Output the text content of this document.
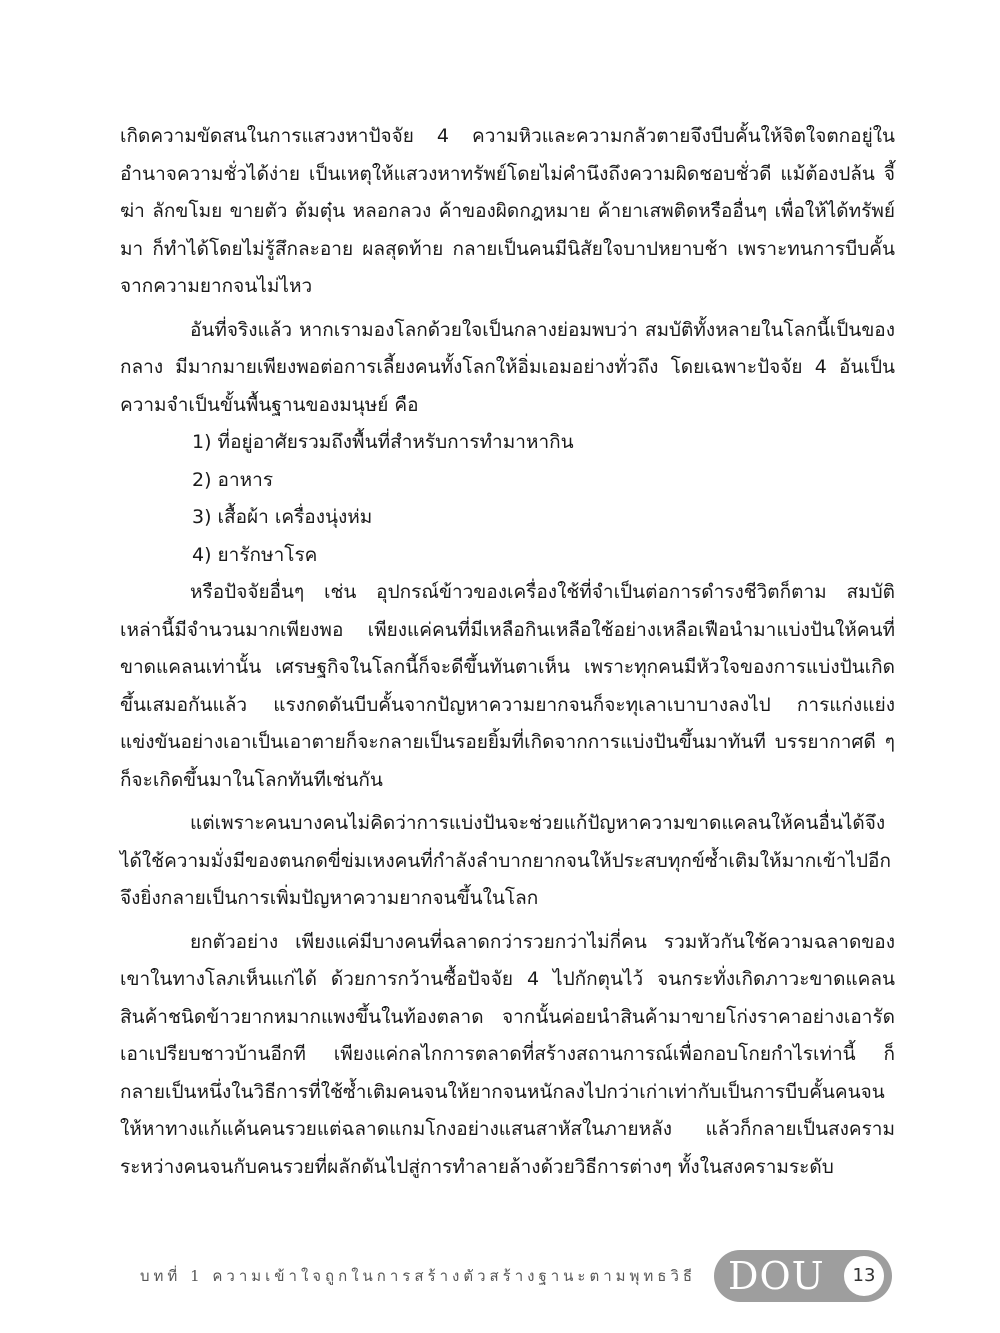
เกิดความขัดสนในการแสวงหาปัจจัย 4 ความหิวและความกลัวตายจึงบีบคั้นให้จิตใจตกอยู่ในอำนาจความชั่วได้ง่าย เป็นเหตุให้แสวงหาทรัพย์โดยไม่คำนึงถึงความผิดชอบชั่วดี แม้ต้องปล้น จี้ ฆ่า ลักขโมย ขายตัว ต้มตุ๋น หลอกลวง ค้าของผิดกฎหมาย ค้ายาเสพติดหรืออื่นๆ เพื่อให้ได้ทรัพย์มา ก็ทำได้โดยไม่รู้สึกละอาย ผลสุดท้าย กลายเป็นคนมีนิสัยใจบาปหยาบช้า เพราะทนการบีบคั้นจากความยากจนไม่ไหว

อันที่จริงแล้ว หากเรามองโลกด้วยใจเป็นกลางย่อมพบว่า สมบัติทั้งหลายในโลกนี้เป็นของกลาง มีมากมายเพียงพอต่อการเลี้ยงคนทั้งโลกให้อิ่มเอมอย่างทั่วถึง โดยเฉพาะปัจจัย 4 อันเป็นความจำเป็นขั้นพื้นฐานของมนุษย์ คือ

1) ที่อยู่อาศัยรวมถึงพื้นที่สำหรับการทำมาหากิน
2) อาหาร
3) เสื้อผ้า เครื่องนุ่งห่ม
4) ยารักษาโรค

หรือปัจจัยอื่นๆ เช่น อุปกรณ์ข้าวของเครื่องใช้ที่จำเป็นต่อการดำรงชีวิตก็ตาม สมบัติเหล่านี้มีจำนวนมากเพียงพอ เพียงแค่คนที่มีเหลือกินเหลือใช้อย่างเหลือเฟือนำมาแบ่งปันให้คนที่ขาดแคลนเท่านั้น เศรษฐกิจในโลกนี้ก็จะดีขึ้นทันตาเห็น เพราะทุกคนมีหัวใจของการแบ่งปันเกิดขึ้นเสมอกันแล้ว แรงกดดันบีบคั้นจากปัญหาความยากจนก็จะทุเลาเบาบางลงไป การแก่งแย่งแข่งขันอย่างเอาเป็นเอาตายก็จะกลายเป็นรอยยิ้มที่เกิดจากการแบ่งปันขึ้นมาทันที บรรยากาศดี ๆ ก็จะเกิดขึ้นมาในโลกทันทีเช่นกัน

แต่เพราะคนบางคนไม่คิดว่าการแบ่งปันจะช่วยแก้ปัญหาความขาดแคลนให้คนอื่นได้จึงได้ใช้ความมั่งมีของตนกดขี่ข่มเหงคนที่กำลังลำบากยากจนให้ประสบทุกข์ซ้ำเติมให้มากเข้าไปอีก จึงยิ่งกลายเป็นการเพิ่มปัญหาความยากจนขึ้นในโลก

ยกตัวอย่าง เพียงแค่มีบางคนที่ฉลาดกว่ารวยกว่าไม่กี่คน รวมหัวกันใช้ความฉลาดของเขาในทางโลภเห็นแก่ได้ ด้วยการกว้านซื้อปัจจัย 4 ไปกักตุนไว้ จนกระทั่งเกิดภาวะขาดแคลนสินค้าชนิดข้าวยากหมากแพงขึ้นในท้องตลาด จากนั้นค่อยนำสินค้ามาขายโก่งราคาอย่างเอารัดเอาเปรียบชาวบ้านอีกที เพียงแค่กลไกการตลาดที่สร้างสถานการณ์เพื่อกอบโกยกำไรเท่านี้ ก็กลายเป็นหนึ่งในวิธีการที่ใช้ซ้ำเติมคนจนให้ยากจนหนักลงไปกว่าเก่าเท่ากับเป็นการบีบคั้นคนจนให้หาทางแก้แค้นคนรวยแต่ฉลาดแกมโกงอย่างแสนสาหัสในภายหลัง แล้วก็กลายเป็นสงครามระหว่างคนจนกับคนรวยที่ผลักดันไปสู่การทำลายล้างด้วยวิธีการต่างๆ ทั้งในสงครามระดับ

บทที่ 1 ความเข้าใจถูกในการสร้างตัวสร้างฐานะตามพุทธวิธี DOU	13
